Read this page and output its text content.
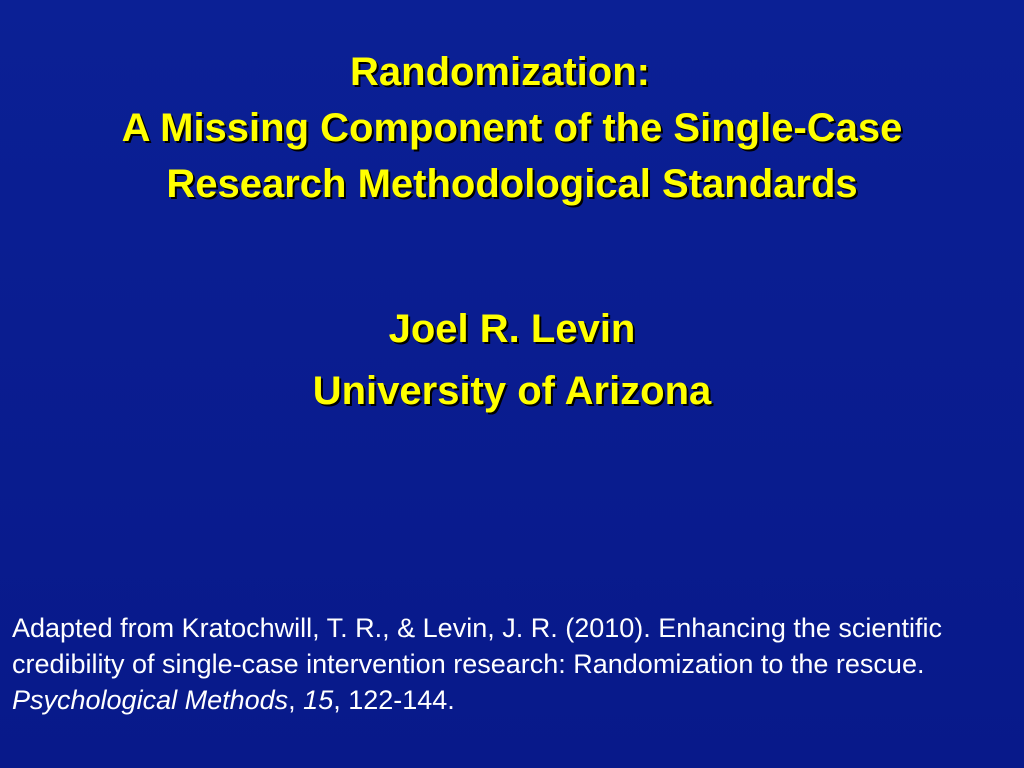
Randomization:
A Missing Component of the Single-Case
Research Methodological Standards
Joel R. Levin
University of Arizona
Adapted from Kratochwill, T. R., & Levin, J. R. (2010). Enhancing the scientific credibility of single-case intervention research: Randomization to the rescue. Psychological Methods, 15, 122-144.
